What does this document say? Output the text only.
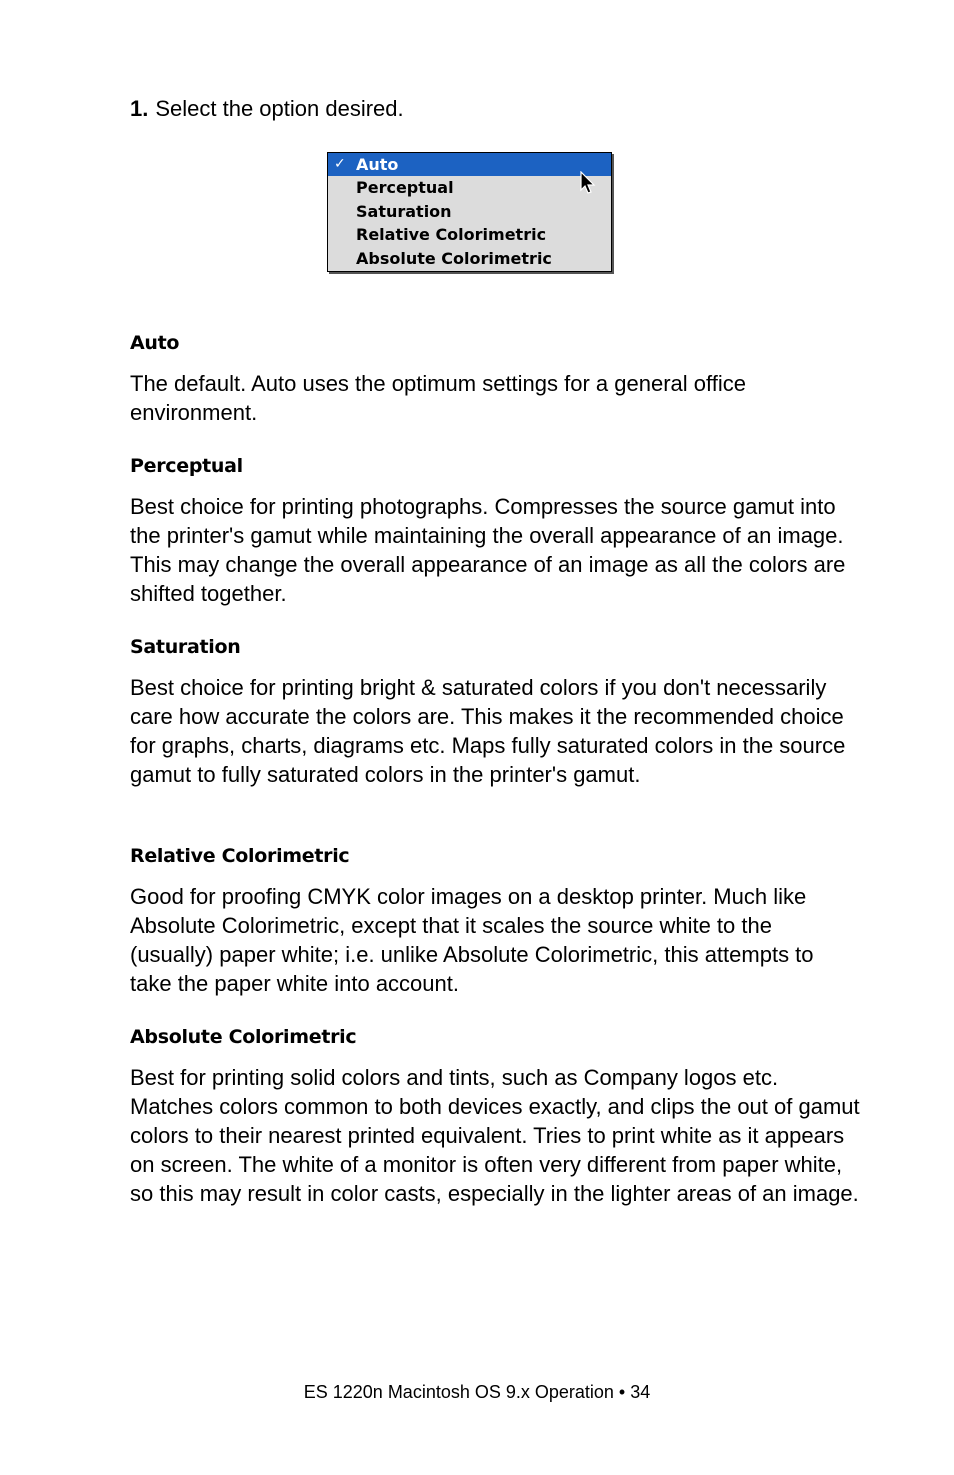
1. Select the option desired.
✓ Auto
Perceptual
Saturation
Relative Colorimetric
Absolute Colorimetric
Auto
The default. Auto uses the optimum settings for a general office environment.
Perceptual
Best choice for printing photographs. Compresses the source gamut into the printer's gamut while maintaining the overall appearance of an image. This may change the overall appearance of an image as all the colors are shifted together.
Saturation
Best choice for printing bright & saturated colors if you don't necessarily care how accurate the colors are. This makes it the recommended choice for graphs, charts, diagrams etc. Maps fully saturated colors in the source gamut to fully saturated colors in the printer's gamut.
Relative Colorimetric
Good for proofing CMYK color images on a desktop printer. Much like Absolute Colorimetric, except that it scales the source white to the (usually) paper white; i.e. unlike Absolute Colorimetric, this attempts to take the paper white into account.
Absolute Colorimetric
Best for printing solid colors and tints, such as Company logos etc. Matches colors common to both devices exactly, and clips the out of gamut colors to their nearest printed equivalent. Tries to print white as it appears on screen. The white of a monitor is often very different from paper white, so this may result in color casts, especially in the lighter areas of an image.
ES 1220n Macintosh OS 9.x Operation • 34
